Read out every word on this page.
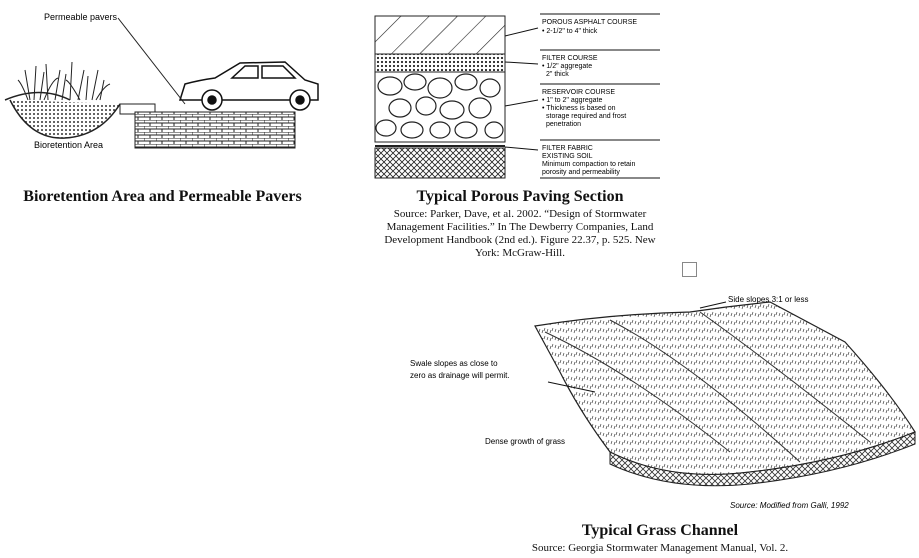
Permeable pavers
Bioretention Area
Bioretention Area and Permeable Pavers
POROUS ASPHALT COURSE
• 2-1/2" to 4" thick
FILTER COURSE
• 1/2" aggregate
2" thick
RESERVOIR COURSE
• 1" to 2" aggregate
• Thickness is based on
storage required and frost
penetration
FILTER FABRIC
EXISTING SOIL
Minimum compaction to retain
porosity and permeability
Typical Porous Paving Section
Source: Parker, Dave, et al. 2002. “Design of Stormwater
Management Facilities.” In The Dewberry Companies, Land
Development Handbook (2nd ed.). Figure 22.37, p. 525. New
York: McGraw-Hill.
Side slopes 3:1 or less
Swale slopes as close to
zero as drainage will permit.
Dense growth of grass
Source: Modified from Galli, 1992
Typical Grass Channel
Source: Georgia Stormwater Management Manual, Vol. 2.
